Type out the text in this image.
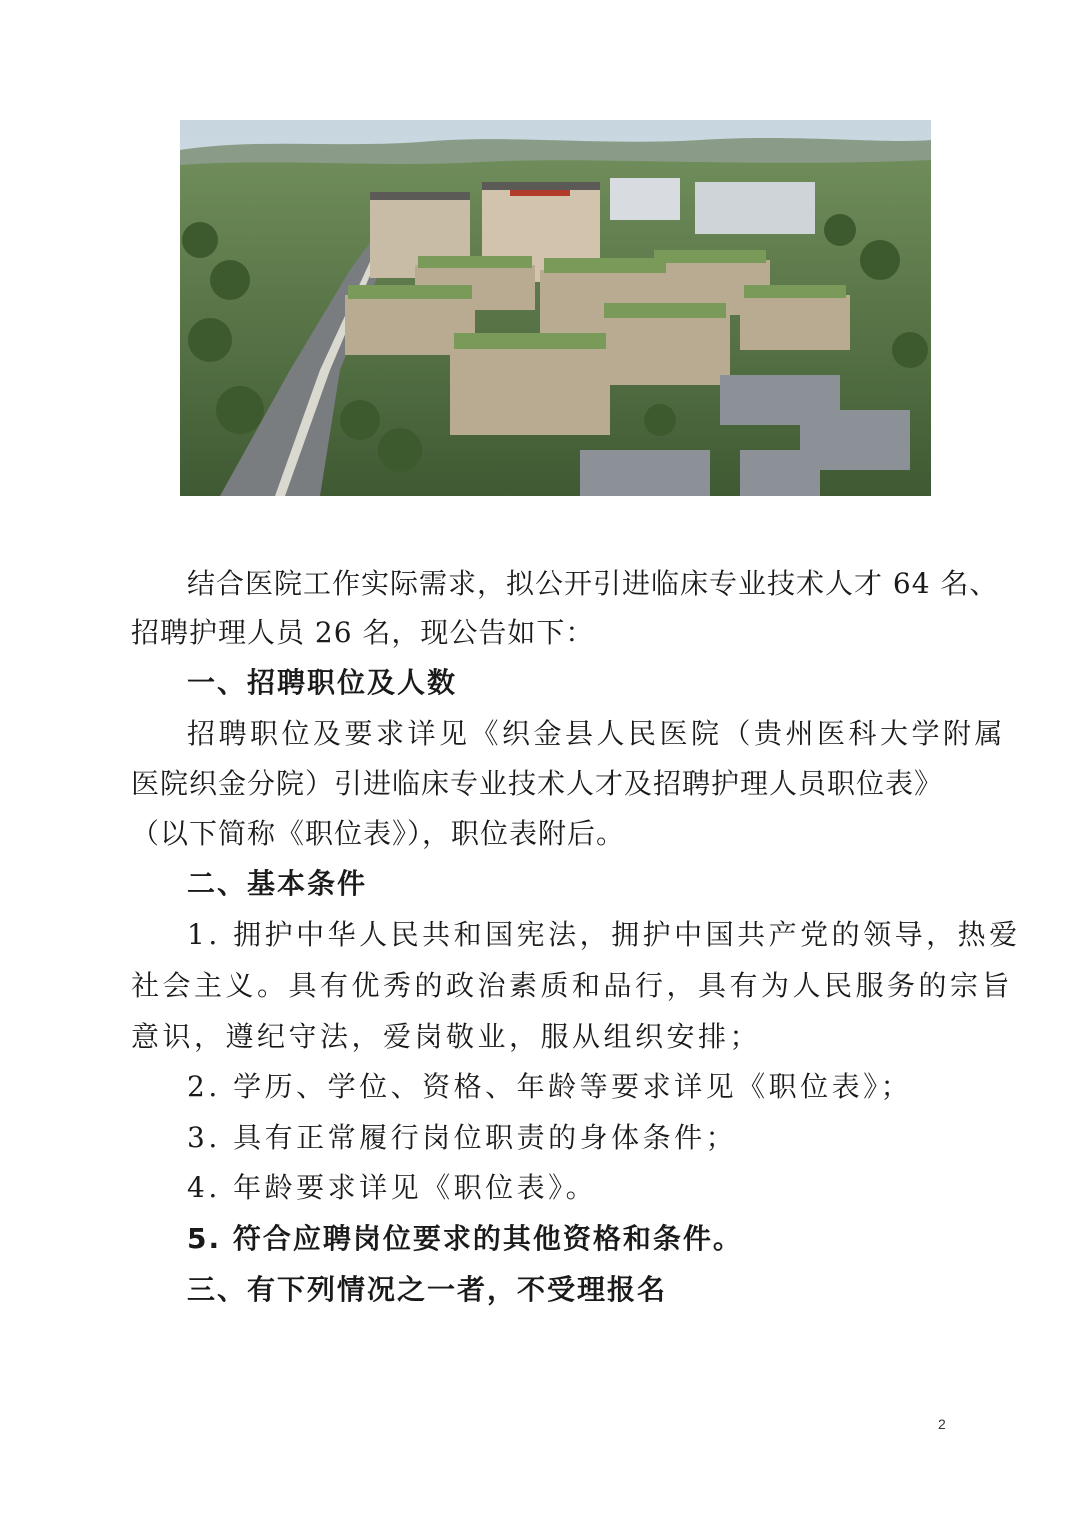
结合医院工作实际需求，拟公开引进临床专业技术人才 64 名、
招聘护理人员 26 名，现公告如下：
一、招聘职位及人数
招聘职位及要求详见《织金县人民医院（贵州医科大学附属
医院织金分院）引进临床专业技术人才及招聘护理人员职位表》
（以下简称《职位表》），职位表附后。
二、基本条件
1. 拥护中华人民共和国宪法，拥护中国共产党的领导，热爱
社会主义。具有优秀的政治素质和品行，具有为人民服务的宗旨
意识，遵纪守法，爱岗敬业，服从组织安排；
2. 学历、学位、资格、年龄等要求详见《职位表》；
3. 具有正常履行岗位职责的身体条件；
4. 年龄要求详见《职位表》。
5. 符合应聘岗位要求的其他资格和条件。
三、有下列情况之一者，不受理报名
2
